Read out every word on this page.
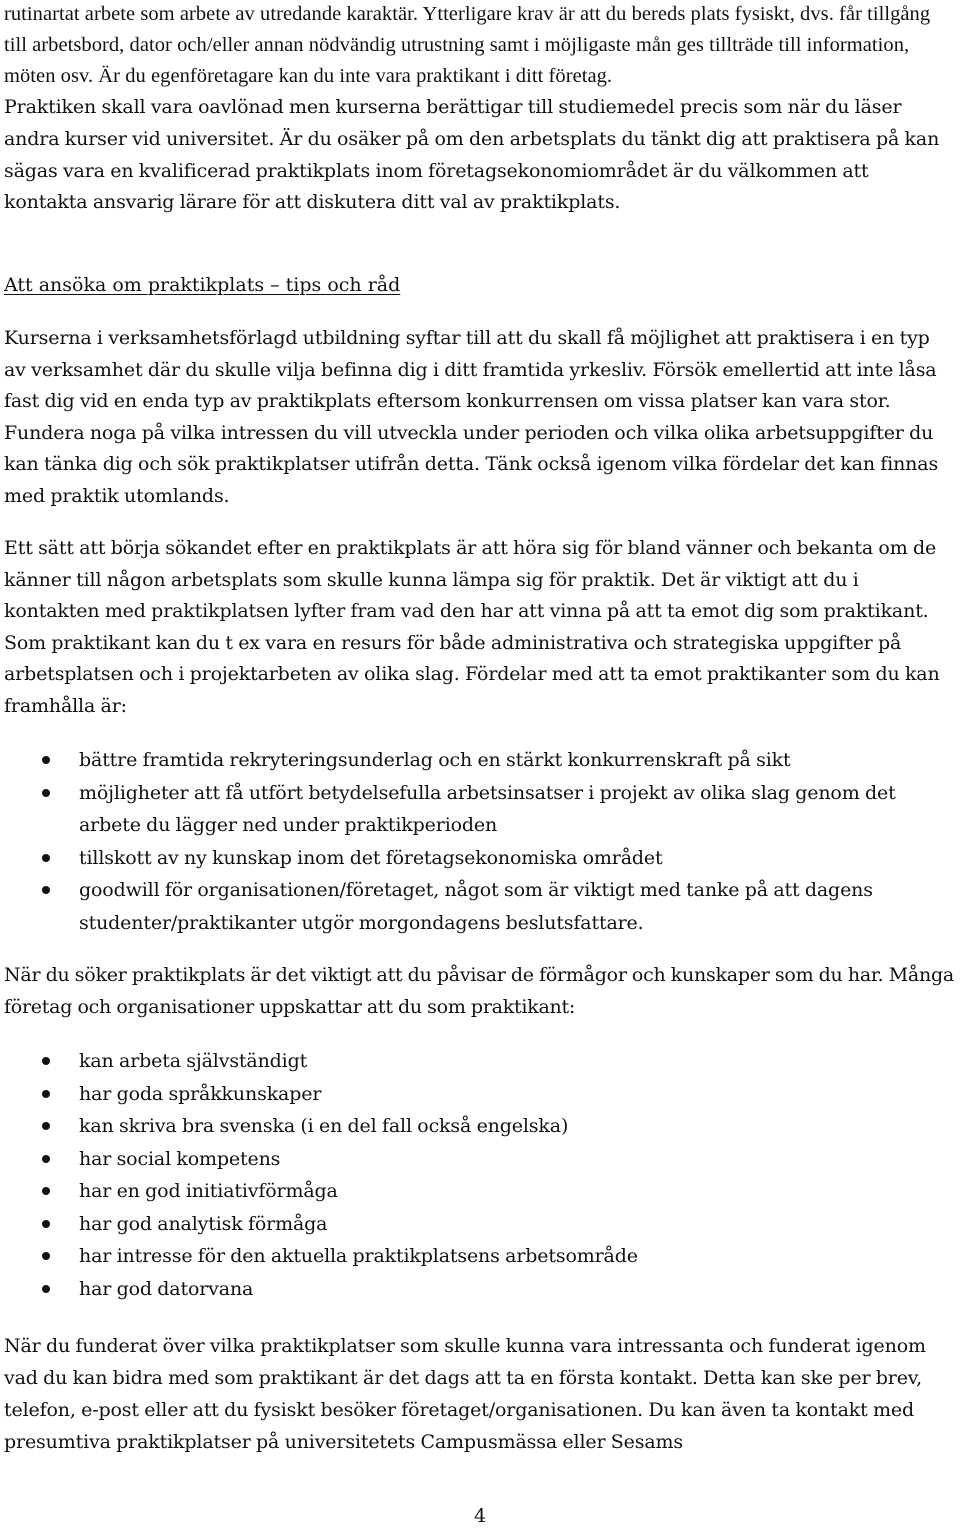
rutinartat arbete som arbete av utredande karaktär. Ytterligare krav är att du bereds plats fysiskt, dvs. får tillgång till arbetsbord, dator och/eller annan nödvändig utrustning samt i möjligaste mån ges tillträde till information, möten osv. Är du egenföretagare kan du inte vara praktikant i ditt företag.

Praktiken skall vara oavlönad men kurserna berättigar till studiemedel precis som när du läser andra kurser vid universitet. Är du osäker på om den arbetsplats du tänkt dig att praktisera på kan sägas vara en kvalificerad praktikplats inom företagsekonomiområdet är du välkommen att kontakta ansvarig lärare för att diskutera ditt val av praktikplats.

Att ansöka om praktikplats – tips och råd

Kurserna i verksamhetsförlagd utbildning syftar till att du skall få möjlighet att praktisera i en typ av verksamhet där du skulle vilja befinna dig i ditt framtida yrkesliv. Försök emellertid att inte låsa fast dig vid en enda typ av praktikplats eftersom konkurrensen om vissa platser kan vara stor. Fundera noga på vilka intressen du vill utveckla under perioden och vilka olika arbetsuppgifter du kan tänka dig och sök praktikplatser utifrån detta. Tänk också igenom vilka fördelar det kan finnas med praktik utomlands.

Ett sätt att börja sökandet efter en praktikplats är att höra sig för bland vänner och bekanta om de känner till någon arbetsplats som skulle kunna lämpa sig för praktik. Det är viktigt att du i kontakten med praktikplatsen lyfter fram vad den har att vinna på att ta emot dig som praktikant. Som praktikant kan du t ex vara en resurs för både administrativa och strategiska uppgifter på arbetsplatsen och i projektarbeten av olika slag. Fördelar med att ta emot praktikanter som du kan framhålla är:

bättre framtida rekryteringsunderlag och en stärkt konkurrenskraft på sikt
möjligheter att få utfört betydelsefulla arbetsinsatser i projekt av olika slag genom det arbete du lägger ned under praktikperioden
tillskott av ny kunskap inom det företagsekonomiska området
goodwill för organisationen/företaget, något som är viktigt med tanke på att dagens studenter/praktikanter utgör morgondagens beslutsfattare.

När du söker praktikplats är det viktigt att du påvisar de förmågor och kunskaper som du har. Många företag och organisationer uppskattar att du som praktikant:

kan arbeta självständigt
har goda språkkunskaper
kan skriva bra svenska (i en del fall också engelska)
har social kompetens
har en god initiativförmåga
har god analytisk förmåga
har intresse för den aktuella praktikplatsens arbetsområde
har god datorvana

När du funderat över vilka praktikplatser som skulle kunna vara intressanta och funderat igenom vad du kan bidra med som praktikant är det dags att ta en första kontakt. Detta kan ske per brev, telefon, e-post eller att du fysiskt besöker företaget/organisationen. Du kan även ta kontakt med presumtiva praktikplatser på universitetets Campusmässa eller Sesams

4
